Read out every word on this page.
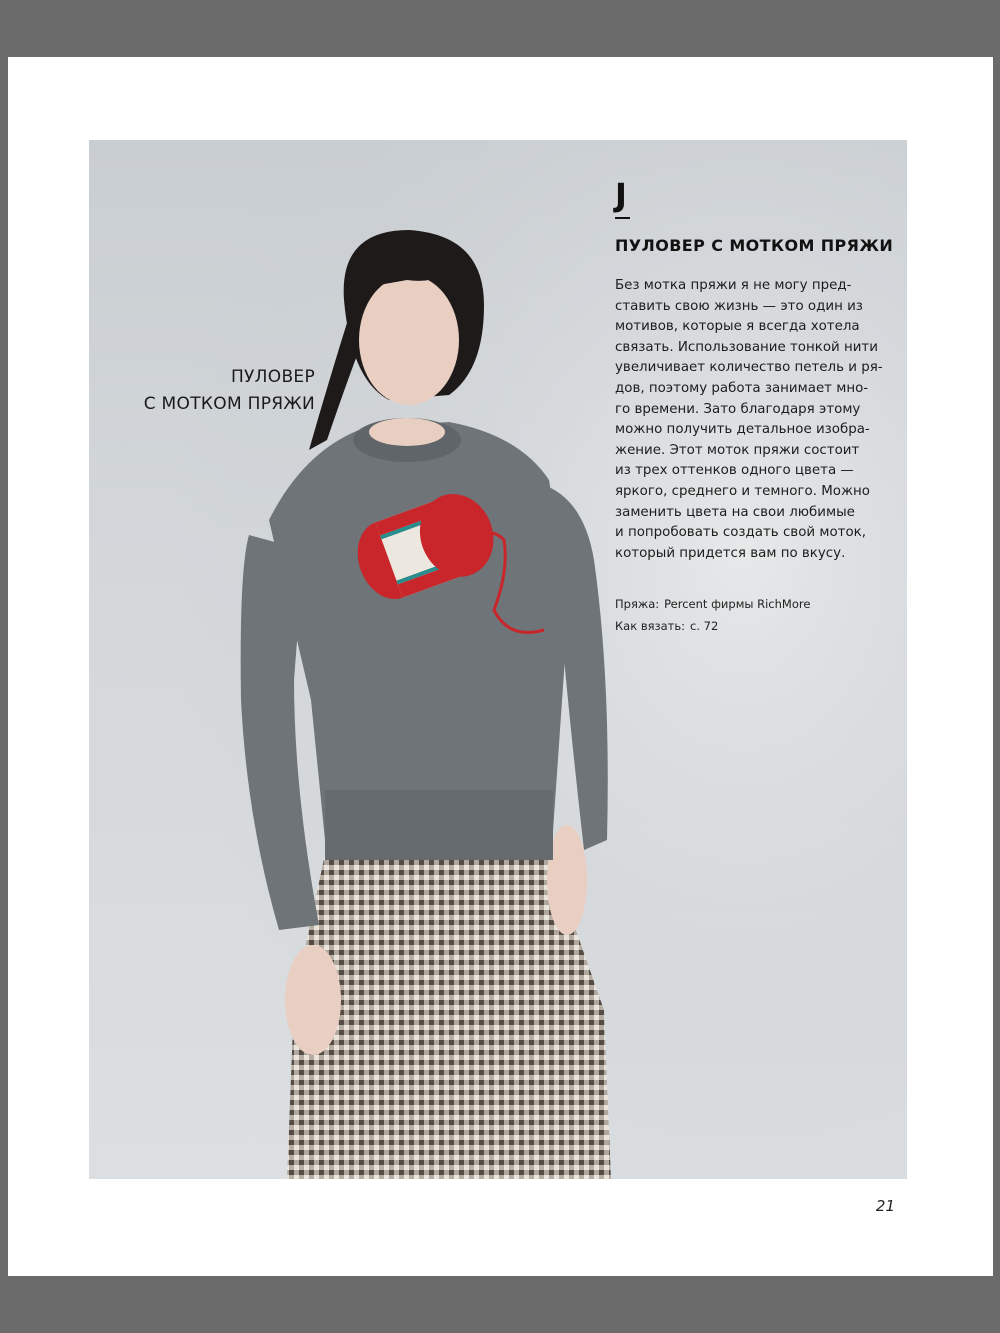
ПУЛОВЕР
С МОТКОМ ПРЯЖИ
J
ПУЛОВЕР С МОТКОМ ПРЯЖИ
Без мотка пряжи я не могу пред-
ставить свою жизнь — это один из
мотивов, которые я всегда хотела
связать. Использование тонкой нити
увеличивает количество петель и ря-
дов, поэтому работа занимает мно-
го времени. Зато благодаря этому
можно получить детальное изобра-
жение. Этот моток пряжи состоит
из трех оттенков одного цвета —
яркого, среднего и темного. Можно
заменить цвета на свои любимые
и попробовать создать свой моток,
который придется вам по вкусу.
Пряжа: Percent фирмы RichMore
Как вязать: с. 72
21
